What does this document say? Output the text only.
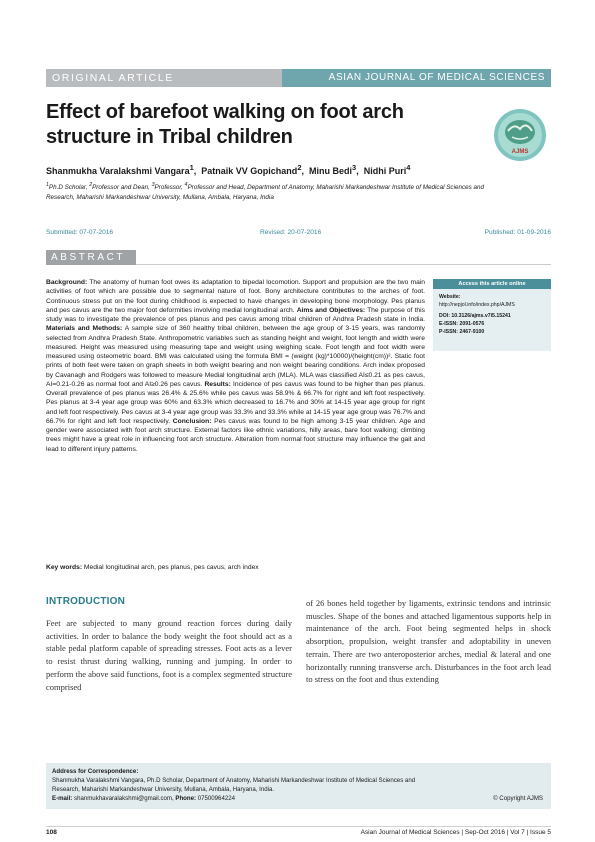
ORIGINAL ARTICLE	ASIAN JOURNAL OF MEDICAL SCIENCES
Effect of barefoot walking on foot arch
structure in Tribal children
AJMS
Shanmukha Varalakshmi Vangara$^1$,  Patnaik VV Gopichand$^2$,  Minu Bedi$^3$,  Nidhi Puri$^4$
$^1$Ph.D Scholar, $^2$Professor and Dean, $^3$Professor, $^4$Professor and Head, Department of Anatomy, Maharishi Markandeshwar Institute of Medical Sciences and Research, Maharishi Markandeshwar University, Mullana, Ambala, Haryana, India
Submitted: 07-07-2016	Revised: 20-07-2016	Published: 01-09-2016
ABSTRACT
Background: The anatomy of human foot owes its adaptation to bipedal locomotion. Support and propulsion are the two main activities of foot which are possible due to segmental nature of foot. Bony architecture contributes to the arches of foot. Continuous stress put on the foot during childhood is expected to have changes in developing bone morphology. Pes planus and pes cavus are the two major foot deformities involving medial longitudinal arch. Aims and Objectives: The purpose of this study was to investigate the prevalence of pes planus and pes cavus among tribal children of Andhra Pradesh state in India. Materials and Methods: A sample size of 360 healthy tribal children, between the age group of 3-15 years, was randomly selected from Andhra Pradesh State. Anthropometric variables such as standing height and weight, foot length and width were measured. Height was measured using measuring tape and weight using weighing scale. Foot length and foot width were measured using osteometric board. BMI was calculated using the formula BMI = (weight (kg)*10000)/(height(cm))². Static foot prints of both feet were taken on graph sheets in both weight bearing and non weight bearing conditions. Arch index proposed by Cavanagh and Rodgers was followed to measure Medial longitudinal arch (MLA). MLA was classified AI≤0.21 as pes cavus, AI=0.21-0.26 as normal foot and AI≥0.26 pes cavus. Results: Incidence of pes cavus was found to be higher than pes planus. Overall prevalence of pes planus was 26.4% & 25.6% while pes cavus was 58.9% & 66.7% for right and left foot respectively. Pes planus at 3-4 year age group was 60% and 63.3% which decreased to 16.7% and 30% at 14-15 year age group for right and left foot respectively. Pes cavus at 3-4 year age group was 33.3% and 33.3% while at 14-15 year age group was 76.7% and 66.7% for right and left foot respectively. Conclusion: Pes cavus was found to be high among 3-15 year children. Age and gender were associated with foot arch structure. External factors like ethnic variations, hilly areas, bare foot walking; climbing trees might have a great role in influencing foot arch structure. Alteration from normal foot structure may influence the gait and lead to different injury patterns.
Access this article online
Website:
http://nepjol.info/index.php/AJMS
DOI: 10.3126/ajms.v7i5.15241
E-ISSN: 2091-0576
P-ISSN: 2467-9100
Key words: Medial longitudinal arch, pes planus, pes cavus, arch index
INTRODUCTION
Feet are subjected to many ground reaction forces during daily activities. In order to balance the body weight the foot should act as a stable pedal platform capable of spreading stresses. Foot acts as a lever to resist thrust during walking, running and jumping. In order to perform the above said functions, foot is a complex segmented structure comprised
of 26 bones held together by ligaments, extrinsic tendons and intrinsic muscles. Shape of the bones and attached ligamentous supports help in maintenance of the arch. Foot being segmented helps in shock absorption, propulsion, weight transfer and adoptability in uneven terrain. There are two anteroposterior arches, medial & lateral and one horizontally running transverse arch. Disturbances in the foot arch lead to stress on the foot and thus extending
Address for Correspondence:
Shanmukha Varalakshmi Vangara, Ph.D Scholar, Department of Anatomy, Maharishi Markandeshwar Institute of Medical Sciences and
Research, Maharishi Markandeshwar University, Mullana, Ambala, Haryana, India.
E-mail: shanmukhavaralakshmi@gmail.com, Phone: 07500964224	© Copyright AJMS
108	Asian Journal of Medical Sciences | Sep-Oct 2016 | Vol 7 | Issue 5
